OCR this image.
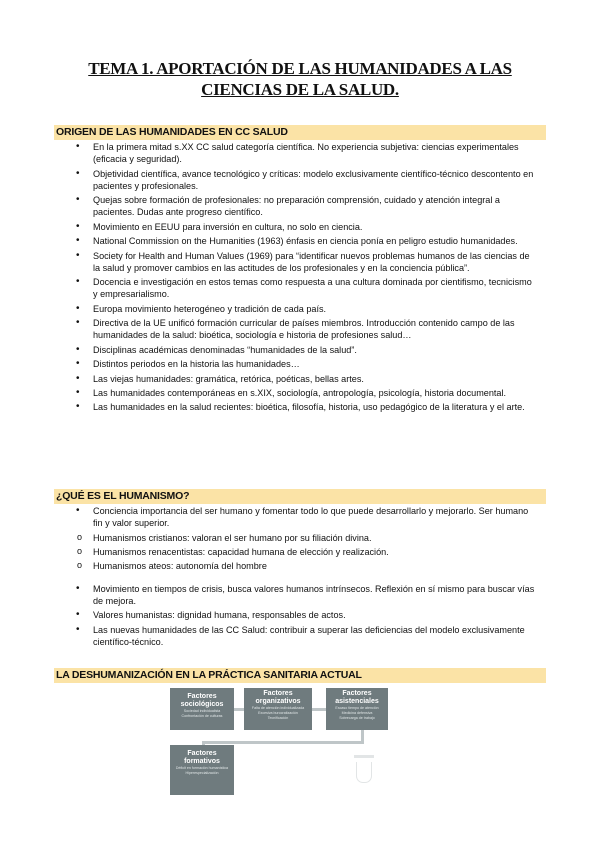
TEMA 1. APORTACIÓN DE LAS HUMANIDADES A LAS
CIENCIAS DE LA SALUD.
ORIGEN DE LAS HUMANIDADES EN CC SALUD
• En la primera mitad s.XX CC salud categoría científica. No experiencia subjetiva: ciencias experimentales (eficacia y seguridad).
• Objetividad científica, avance tecnológico y críticas: modelo exclusivamente científico-técnico descontento en pacientes y profesionales.
• Quejas sobre formación de profesionales: no preparación comprensión, cuidado y atención integral a pacientes. Dudas ante progreso científico.
• Movimiento en EEUU para inversión en cultura, no solo en ciencia.
• National Commission on the Humanities (1963) énfasis en ciencia ponía en peligro estudio humanidades.
• Society for Health and Human Values (1969) para “identificar nuevos problemas humanos de las ciencias de la salud y promover cambios en las actitudes de los profesionales y en la conciencia pública”.
• Docencia e investigación en estos temas como respuesta a una cultura dominada por cientifismo, tecnicismo y empresarialismo.
• Europa movimiento heterogéneo y tradición de cada país.
• Directiva de la UE unificó formación curricular de países miembros. Introducción contenido campo de las humanidades de la salud: bioética, sociología e historia de profesiones salud…
• Disciplinas académicas denominadas “humanidades de la salud”.
• Distintos periodos en la historia las humanidades…
• Las viejas humanidades: gramática, retórica, poéticas, bellas artes.
• Las humanidades contemporáneas en s.XIX, sociología, antropología, psicología, historia documental.
• Las humanidades en la salud recientes: bioética, filosofía, historia, uso pedagógico de la literatura y el arte.
¿QUÉ ES EL HUMANISMO?
• Conciencia importancia del ser humano y fomentar todo lo que puede desarrollarlo y mejorarlo. Ser humano fin y valor superior.
o Humanismos cristianos: valoran el ser humano por su filiación divina.
o Humanismos renacentistas: capacidad humana de elección y realización.
o Humanismos ateos: autonomía del hombre
• Movimiento en tiempos de crisis, busca valores humanos intrínsecos. Reflexión en sí mismo para buscar vías de mejora.
• Valores humanistas: dignidad humana, responsables de actos.
• Las nuevas humanidades de las CC Salud: contribuir a superar las deficiencias del modelo exclusivamente científico-técnico.
LA DESHUMANIZACIÓN EN LA PRÁCTICA SANITARIA ACTUAL
Factores sociológicos
Sociedad individualista
Confrontación de culturas
Factores organizativos
Falta de atención individualizada
Excesiva burocratización
Tecnificación
Factores asistenciales
Escaso tiempo de atención
Medicina defensiva
Sobrecarga de trabajo
Factores formativos
Déficit en formación humanística
Hiperespecialización
